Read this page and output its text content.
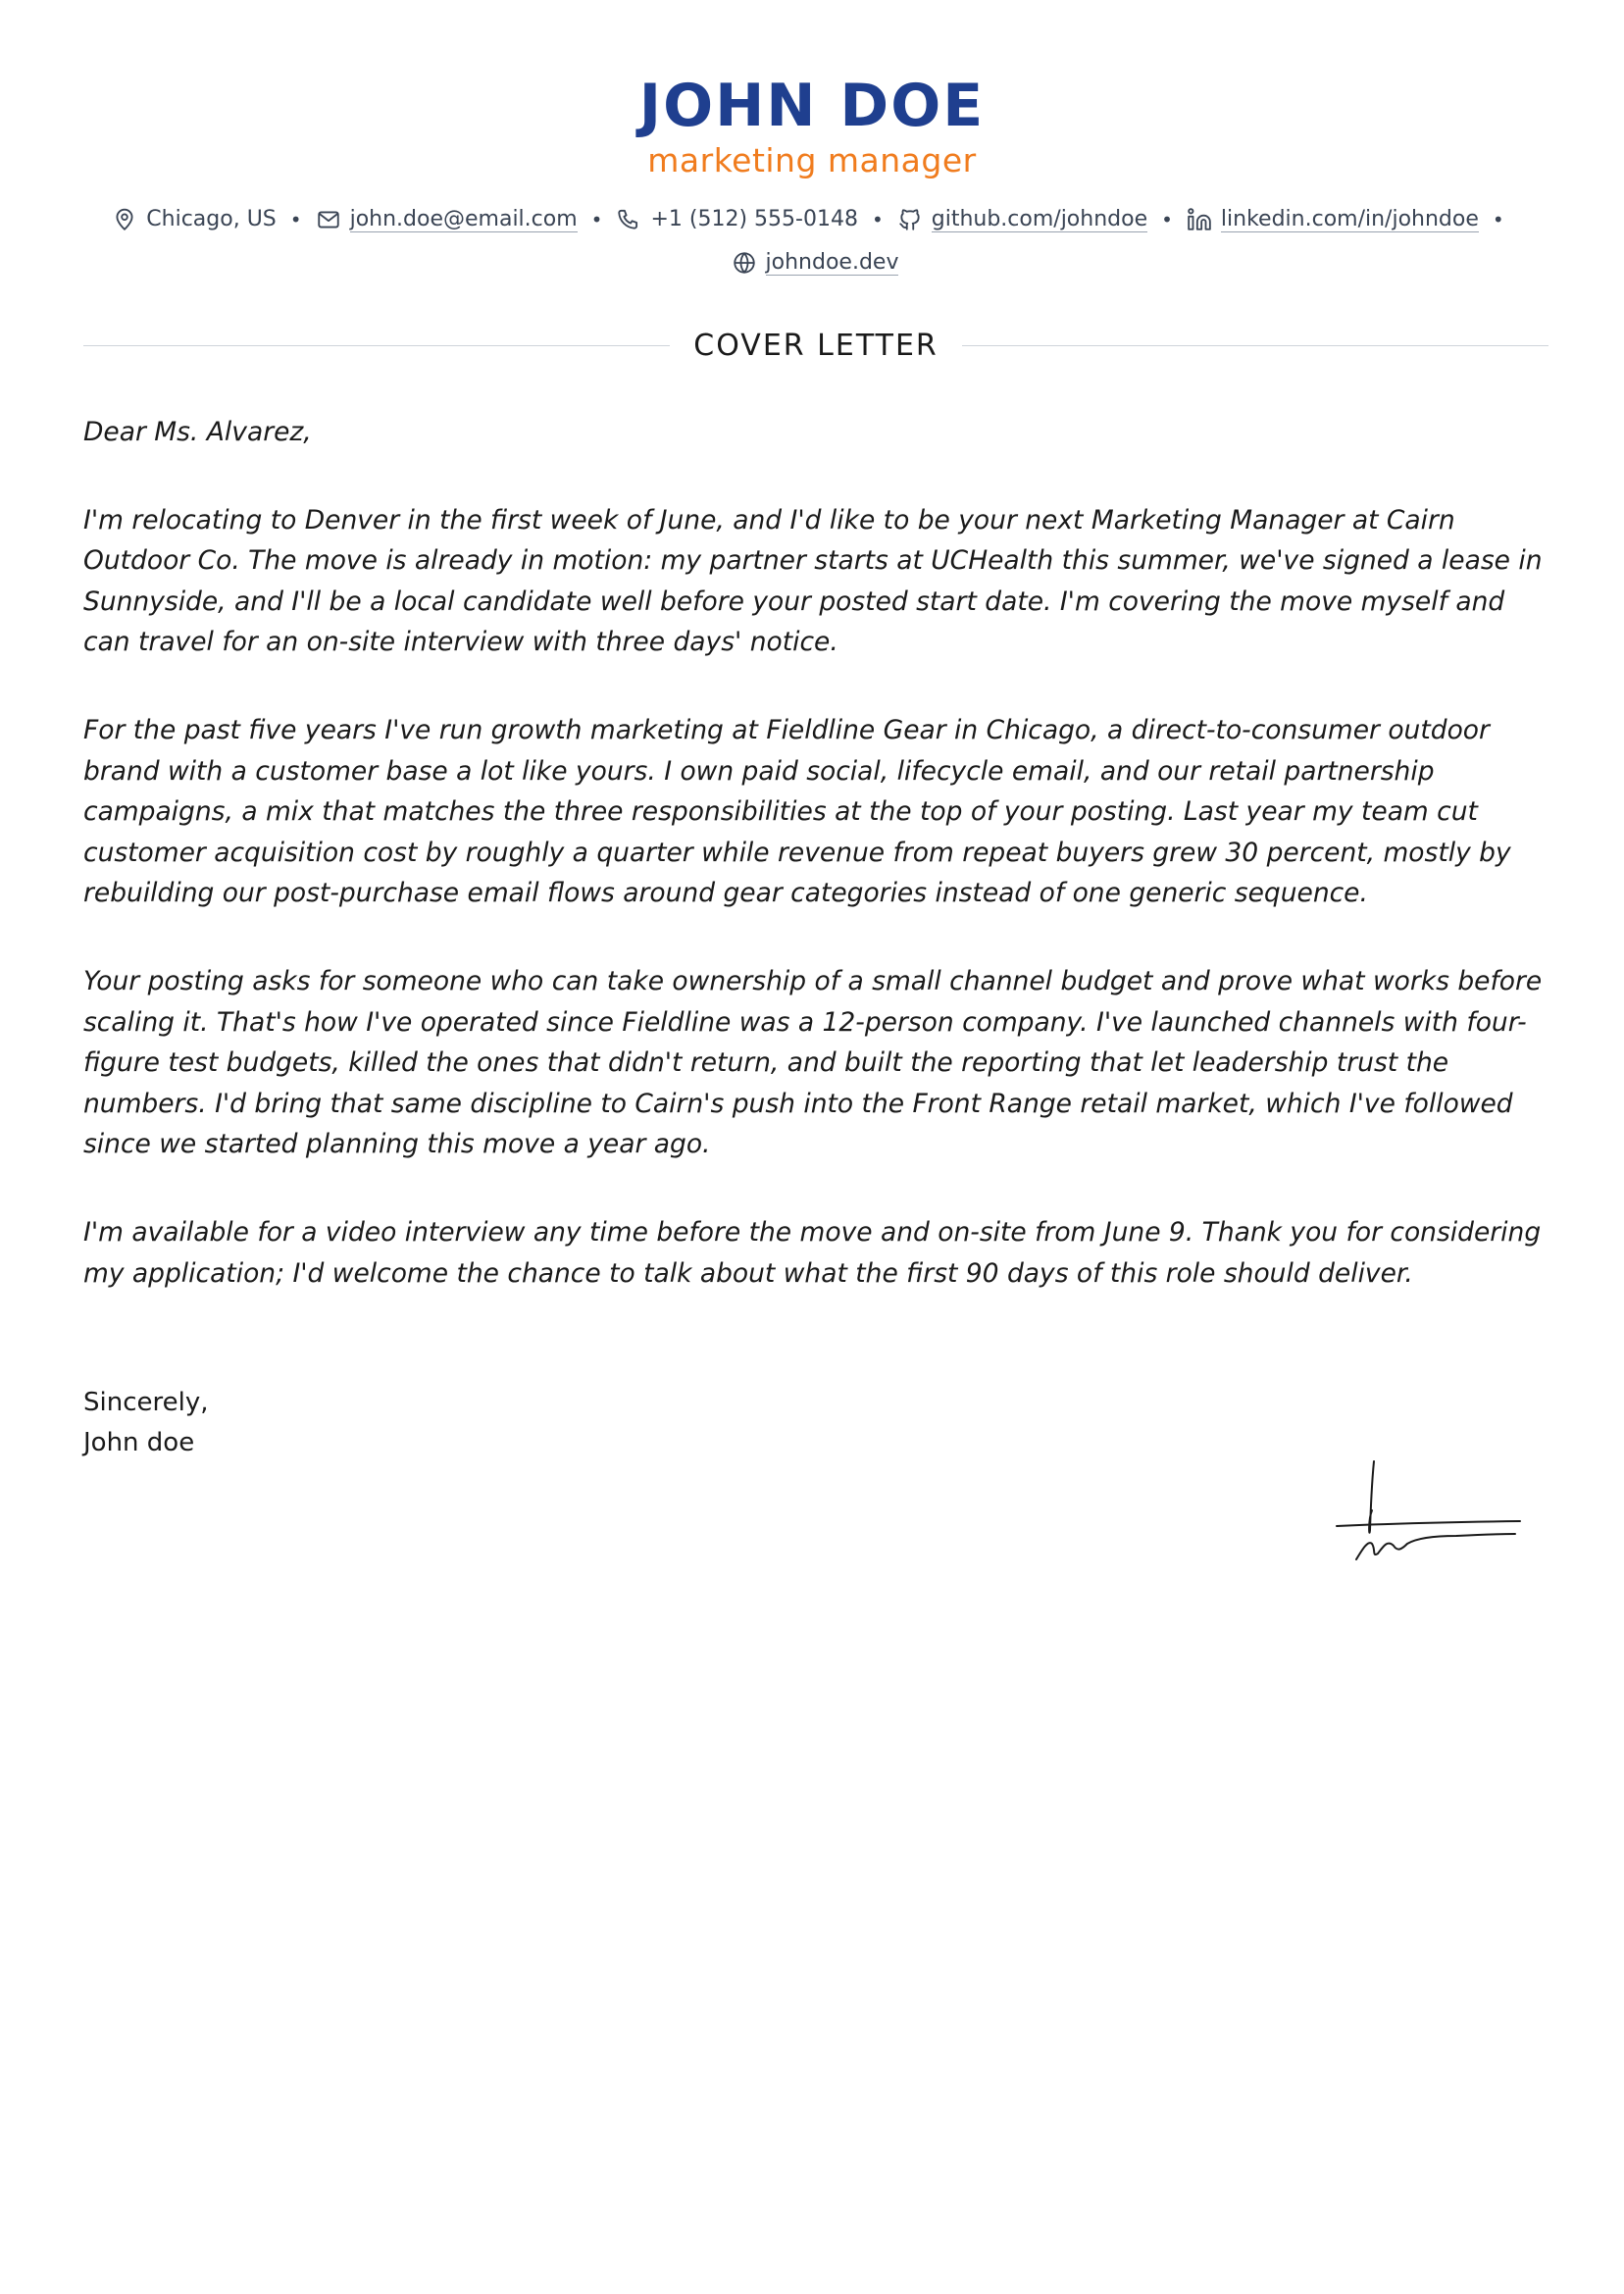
JOHN DOE
marketing manager
Chicago, US • john.doe@email.com • +1 (512) 555-0148 • github.com/johndoe • linkedin.com/in/johndoe •

johndoe.dev
COVER LETTER

Dear Ms. Alvarez,

I'm relocating to Denver in the first week of June, and I'd like to be your next Marketing Manager at Cairn Outdoor Co. The move is already in motion: my partner starts at UCHealth this summer, we've signed a lease in Sunnyside, and I'll be a local candidate well before your posted start date. I'm covering the move myself and can travel for an on-site interview with three days' notice.

For the past five years I've run growth marketing at Fieldline Gear in Chicago, a direct-to-consumer outdoor brand with a customer base a lot like yours. I own paid social, lifecycle email, and our retail partnership campaigns, a mix that matches the three responsibilities at the top of your posting. Last year my team cut customer acquisition cost by roughly a quarter while revenue from repeat buyers grew 30 percent, mostly by rebuilding our post-purchase email flows around gear categories instead of one generic sequence.

Your posting asks for someone who can take ownership of a small channel budget and prove what works before scaling it. That's how I've operated since Fieldline was a 12-person company. I've launched channels with four-figure test budgets, killed the ones that didn't return, and built the reporting that let leadership trust the numbers. I'd bring that same discipline to Cairn's push into the Front Range retail market, which I've followed since we started planning this move a year ago.

I'm available for a video interview any time before the move and on-site from June 9. Thank you for considering my application; I'd welcome the chance to talk about what the first 90 days of this role should deliver.

Sincerely,
John doe
